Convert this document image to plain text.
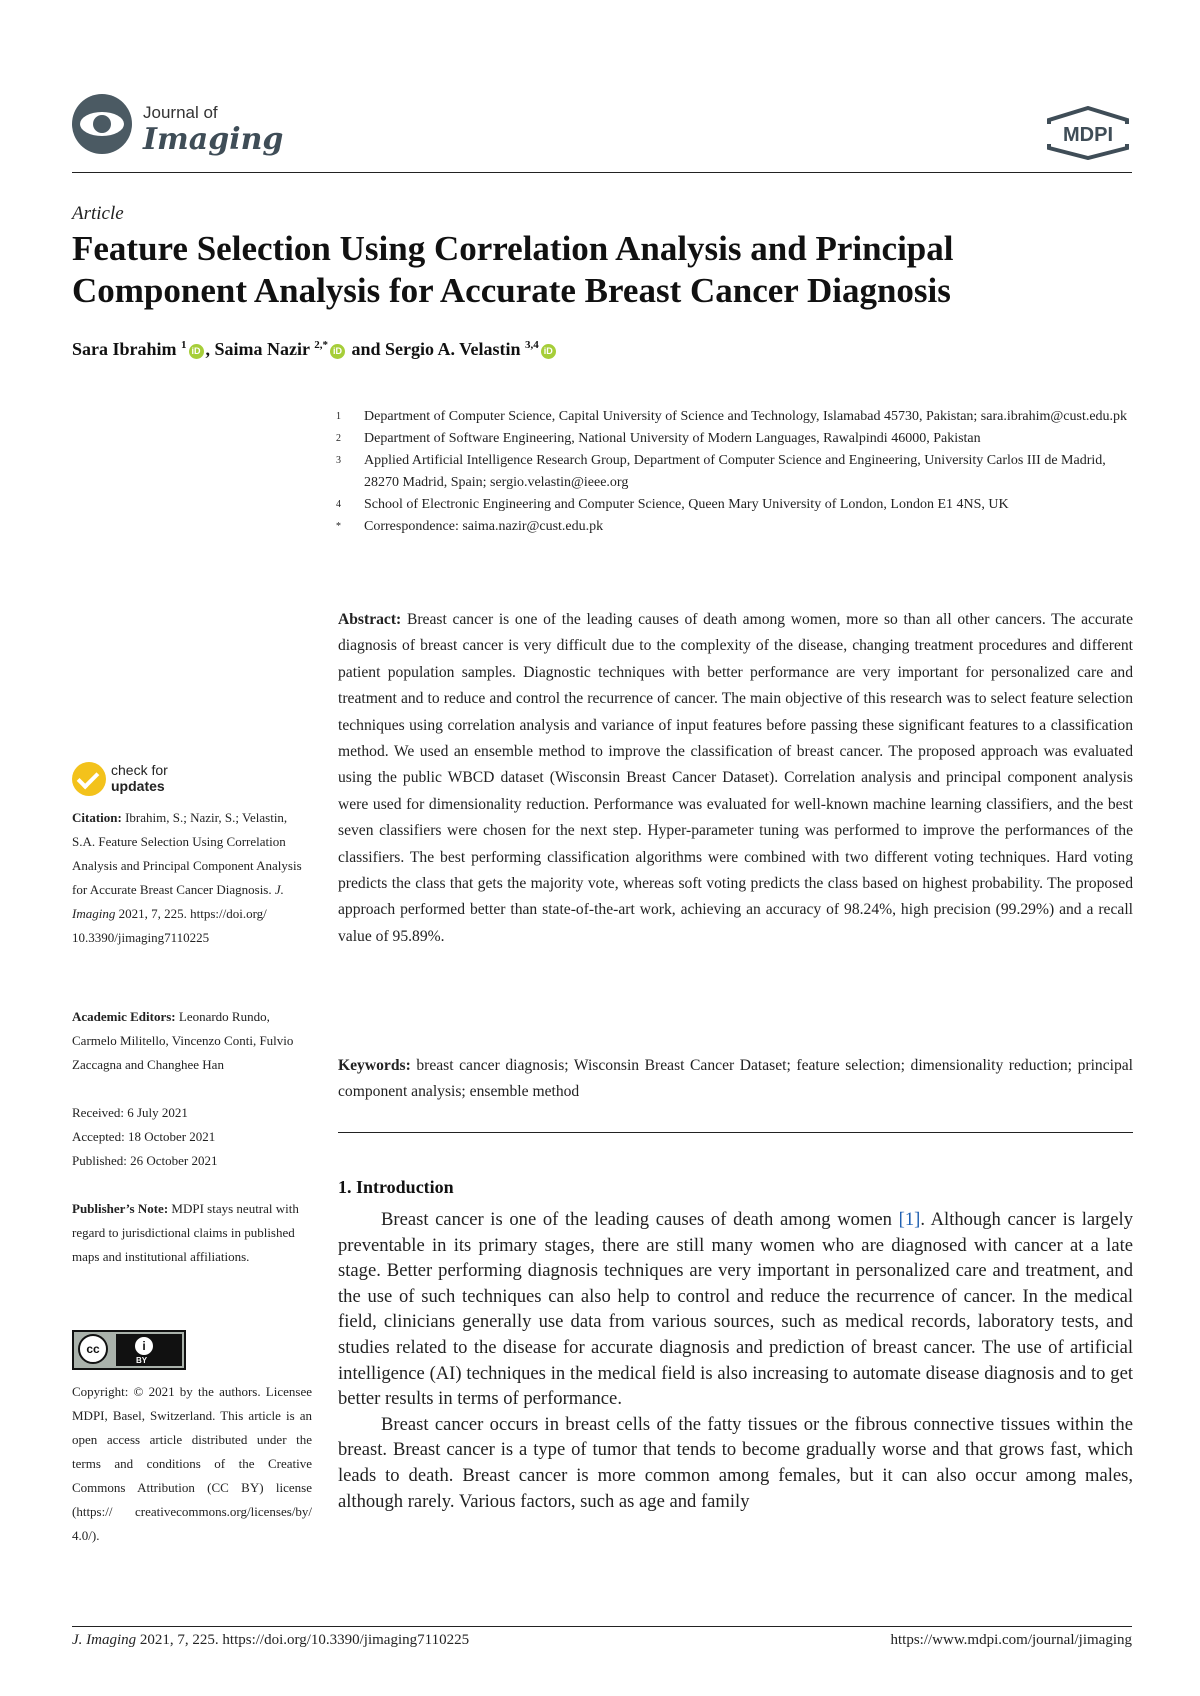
Journal of
Imaging	MDPI
Article
Feature Selection Using Correlation Analysis and Principal Component Analysis for Accurate Breast Cancer Diagnosis
Sara Ibrahim $^1$ iD , Saima Nazir $^{2,*}$ iD and Sergio A. Velastin $^{3,4}$ iD
1	Department of Computer Science, Capital University of Science and Technology, Islamabad 45730, Pakistan; sara.ibrahim@cust.edu.pk
2	Department of Software Engineering, National University of Modern Languages, Rawalpindi 46000, Pakistan
3	Applied Artificial Intelligence Research Group, Department of Computer Science and Engineering, University Carlos III de Madrid, 28270 Madrid, Spain; sergio.velastin@ieee.org
4	School of Electronic Engineering and Computer Science, Queen Mary University of London, London E1 4NS, UK
*	Correspondence: saima.nazir@cust.edu.pk
Abstract: Breast cancer is one of the leading causes of death among women, more so than all other cancers. The accurate diagnosis of breast cancer is very difficult due to the complexity of the disease, changing treatment procedures and different patient population samples. Diagnostic techniques with better performance are very important for personalized care and treatment and to reduce and control the recurrence of cancer. The main objective of this research was to select feature selection techniques using correlation analysis and variance of input features before passing these significant features to a classification method. We used an ensemble method to improve the classification of breast cancer. The proposed approach was evaluated using the public WBCD dataset (Wisconsin Breast Cancer Dataset). Correlation analysis and principal component analysis were used for dimensionality reduction. Performance was evaluated for well-known machine learning classifiers, and the best seven classifiers were chosen for the next step. Hyper-parameter tuning was performed to improve the performances of the classifiers. The best performing classification algorithms were combined with two different voting techniques. Hard voting predicts the class that gets the majority vote, whereas soft voting predicts the class based on highest probability. The proposed approach performed better than state-of-the-art work, achieving an accuracy of 98.24%, high precision (99.29%) and a recall value of 95.89%.
Keywords: breast cancer diagnosis; Wisconsin Breast Cancer Dataset; feature selection; dimensionality reduction; principal component analysis; ensemble method
1. Introduction

Breast cancer is one of the leading causes of death among women [1]. Although cancer is largely preventable in its primary stages, there are still many women who are diagnosed with cancer at a late stage. Better performing diagnosis techniques are very important in personalized care and treatment, and the use of such techniques can also help to control and reduce the recurrence of cancer. In the medical field, clinicians generally use data from various sources, such as medical records, laboratory tests, and studies related to the disease for accurate diagnosis and prediction of breast cancer. The use of artificial intelligence (AI) techniques in the medical field is also increasing to automate disease diagnosis and to get better results in terms of performance.

Breast cancer occurs in breast cells of the fatty tissues or the fibrous connective tissues within the breast. Breast cancer is a type of tumor that tends to become gradually worse and that grows fast, which leads to death. Breast cancer is more common among females, but it can also occur among males, although rarely. Various factors, such as age and family

check for
updates
Citation: Ibrahim, S.; Nazir, S.; Velastin, S.A. Feature Selection Using Correlation Analysis and Principal Component Analysis for Accurate Breast Cancer Diagnosis. J. Imaging 2021, 7, 225. https://doi.org/ 10.3390/jimaging7110225
Academic Editors: Leonardo Rundo, Carmelo Militello, Vincenzo Conti, Fulvio Zaccagna and Changhee Han
Received: 6 July 2021
Accepted: 18 October 2021
Published: 26 October 2021
Publisher’s Note: MDPI stays neutral with regard to jurisdictional claims in published maps and institutional affiliations.
cc	i
BY
Copyright: © 2021 by the authors. Licensee MDPI, Basel, Switzerland. This article is an open access article distributed under the terms and conditions of the Creative Commons Attribution (CC BY) license (https:// creativecommons.org/licenses/by/ 4.0/).
J. Imaging 2021, 7, 225. https://doi.org/10.3390/jimaging7110225	https://www.mdpi.com/journal/jimaging
